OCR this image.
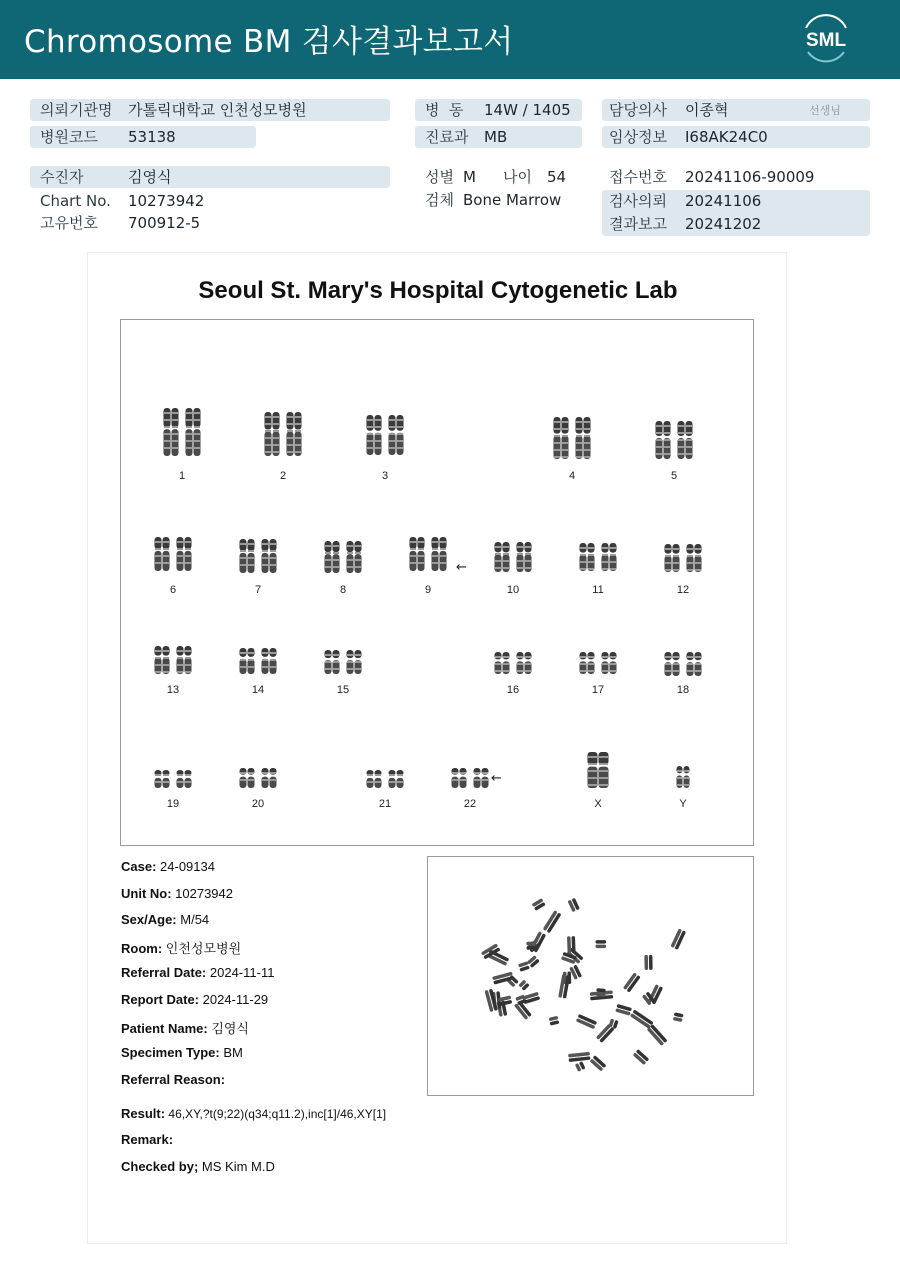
Chromosome BM 검사결과보고서	SML
의뢰기관명 가톨릭대학교 인천성모병원
병원코드 53138
병  동 14W / 1405
진료과 MB
담당의사 이종혁	선생님
임상정보 I68AK24C0
수진자	김영식
Chart No. 10273942
고유번호 700912-5
성별 M 나이 54
검체 Bone Marrow
접수번호 20241106-90009
검사의뢰 20241106
결과보고 20241202
Seoul St. Mary's Hospital Cytogenetic Lab
1	2	3	4	5
6	7	8	9
←
10	11	12
13	14	15	16	17	18
19	20	21	22
←
X	Y
Case: 24-09134
Unit No: 10273942
Sex/Age: M/54
Room: 인천성모병원
Referral Date: 2024-11-11
Report Date: 2024-11-29
Patient Name: 김영식
Specimen Type: BM
Referral Reason:
Result: 46,XY,?t(9;22)(q34;q11.2),inc[1]/46,XY[1]
Remark:
Checked by; MS Kim M.D
